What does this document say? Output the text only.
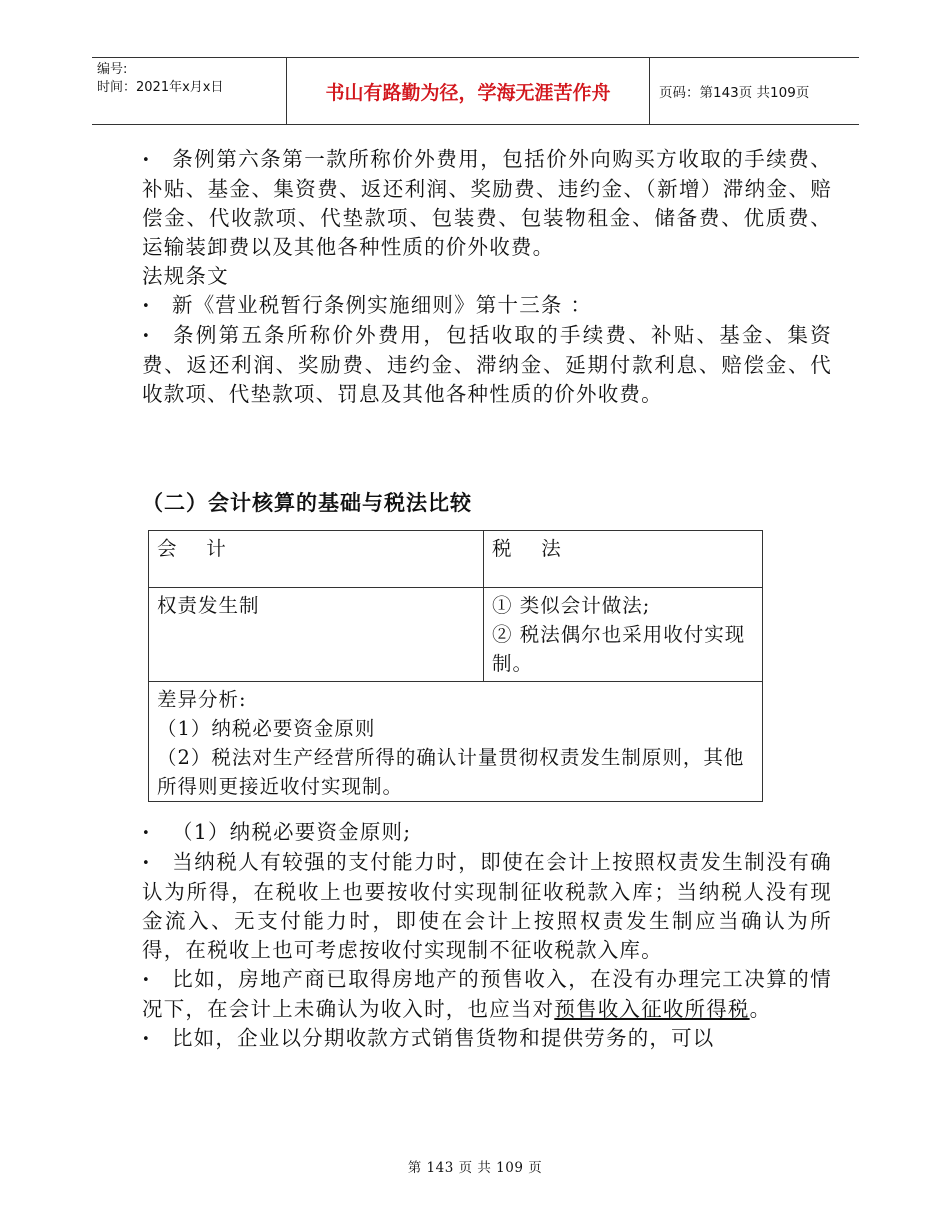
编号:
时间：2021年x月x日	书山有路勤为径，学海无涯苦作舟	页码：第143页 共109页

• 条例第六条第一款所称价外费用，包括价外向购买方收取的手续费、补贴、基金、集资费、返还利润、奖励费、违约金、（新增）滞纳金、赔偿金、代收款项、代垫款项、包装费、包装物租金、储备费、优质费、运输装卸费以及其他各种性质的价外收费。

法规条文

• 新《营业税暂行条例实施细则》第十三条 ：

• 条例第五条所称价外费用，包括收取的手续费、补贴、基金、集资费、返还利润、奖励费、违约金、滞纳金、延期付款利息、赔偿金、代收款项、代垫款项、罚息及其他各种性质的价外收费。

（二）会计核算的基础与税法比较
会    计	税    法
权责发生制	① 类似会计做法;
② 税法偶尔也采用收付实现制。

差异分析:
（1）纳税必要资金原则
（2）税法对生产经营所得的确认计量贯彻权责发生制原则，其他所得则更接近收付实现制。	

• （1）纳税必要资金原则;

• 当纳税人有较强的支付能力时，即使在会计上按照权责发生制没有确认为所得，在税收上也要按收付实现制征收税款入库；当纳税人没有现金流入、无支付能力时，即使在会计上按照权责发生制应当确认为所得，在税收上也可考虑按收付实现制不征收税款入库。

• 比如，房地产商已取得房地产的预售收入，在没有办理完工决算的情况下，在会计上未确认为收入时，也应当对预售收入征收所得税。

• 比如，企业以分期收款方式销售货物和提供劳务的，可以

第 143 页 共 109 页
